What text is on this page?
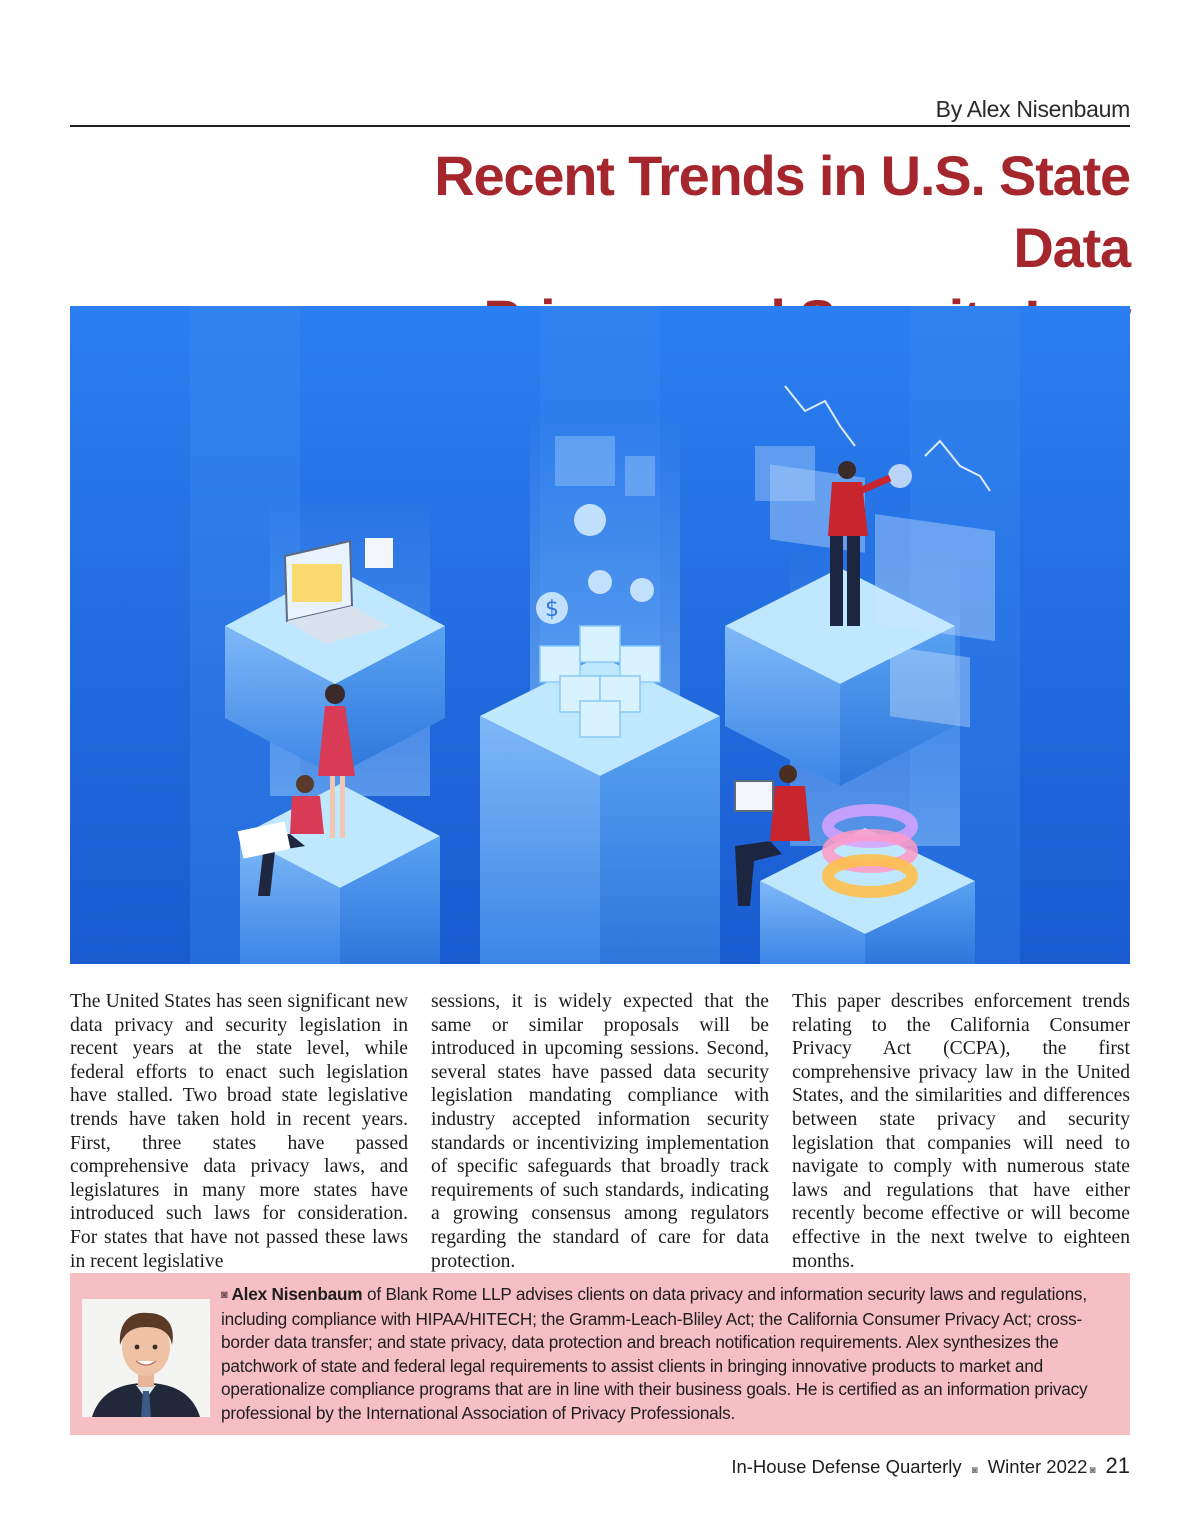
By Alex Nisenbaum
Recent Trends in U.S. State Data
$

The United States has seen significant new data privacy and security legislation in recent years at the state level, while federal efforts to enact such legislation have stalled. Two broad state legislative trends have taken hold in recent years. First, three states have passed comprehensive data privacy laws, and legislatures in many more states have introduced such laws for consideration. For states that have not passed these laws in recent legislative

sessions, it is widely expected that the same or similar proposals will be introduced in upcoming sessions. Second, several states have passed data security legislation mandating compliance with industry accepted information security standards or incentivizing implementation of specific safeguards that broadly track requirements of such standards, indicating a growing consensus among regulators regarding the standard of care for data protection.

This paper describes enforcement trends relating to the California Consumer Privacy Act (CCPA), the first comprehensive privacy law in the United States, and the similarities and differences between state privacy and security legislation that companies will need to navigate to comply with numerous state laws and regulations that have either recently become effective or will become effective in the next twelve to eighteen months.

◙ Alex Nisenbaum of Blank Rome LLP advises clients on data privacy and information security laws and regulations, including compliance with HIPAA/HITECH; the Gramm-Leach-Bliley Act; the California Consumer Privacy Act; cross-border data transfer; and state privacy, data protection and breach notification requirements. Alex synthesizes the patchwork of state and federal legal requirements to assist clients in bringing innovative products to market and operationalize compliance programs that are in line with their business goals. He is certified as an information privacy professional by the International Association of Privacy Professionals.

In-House Defense Quarterly ◙ Winter 2022 ◙ 21
